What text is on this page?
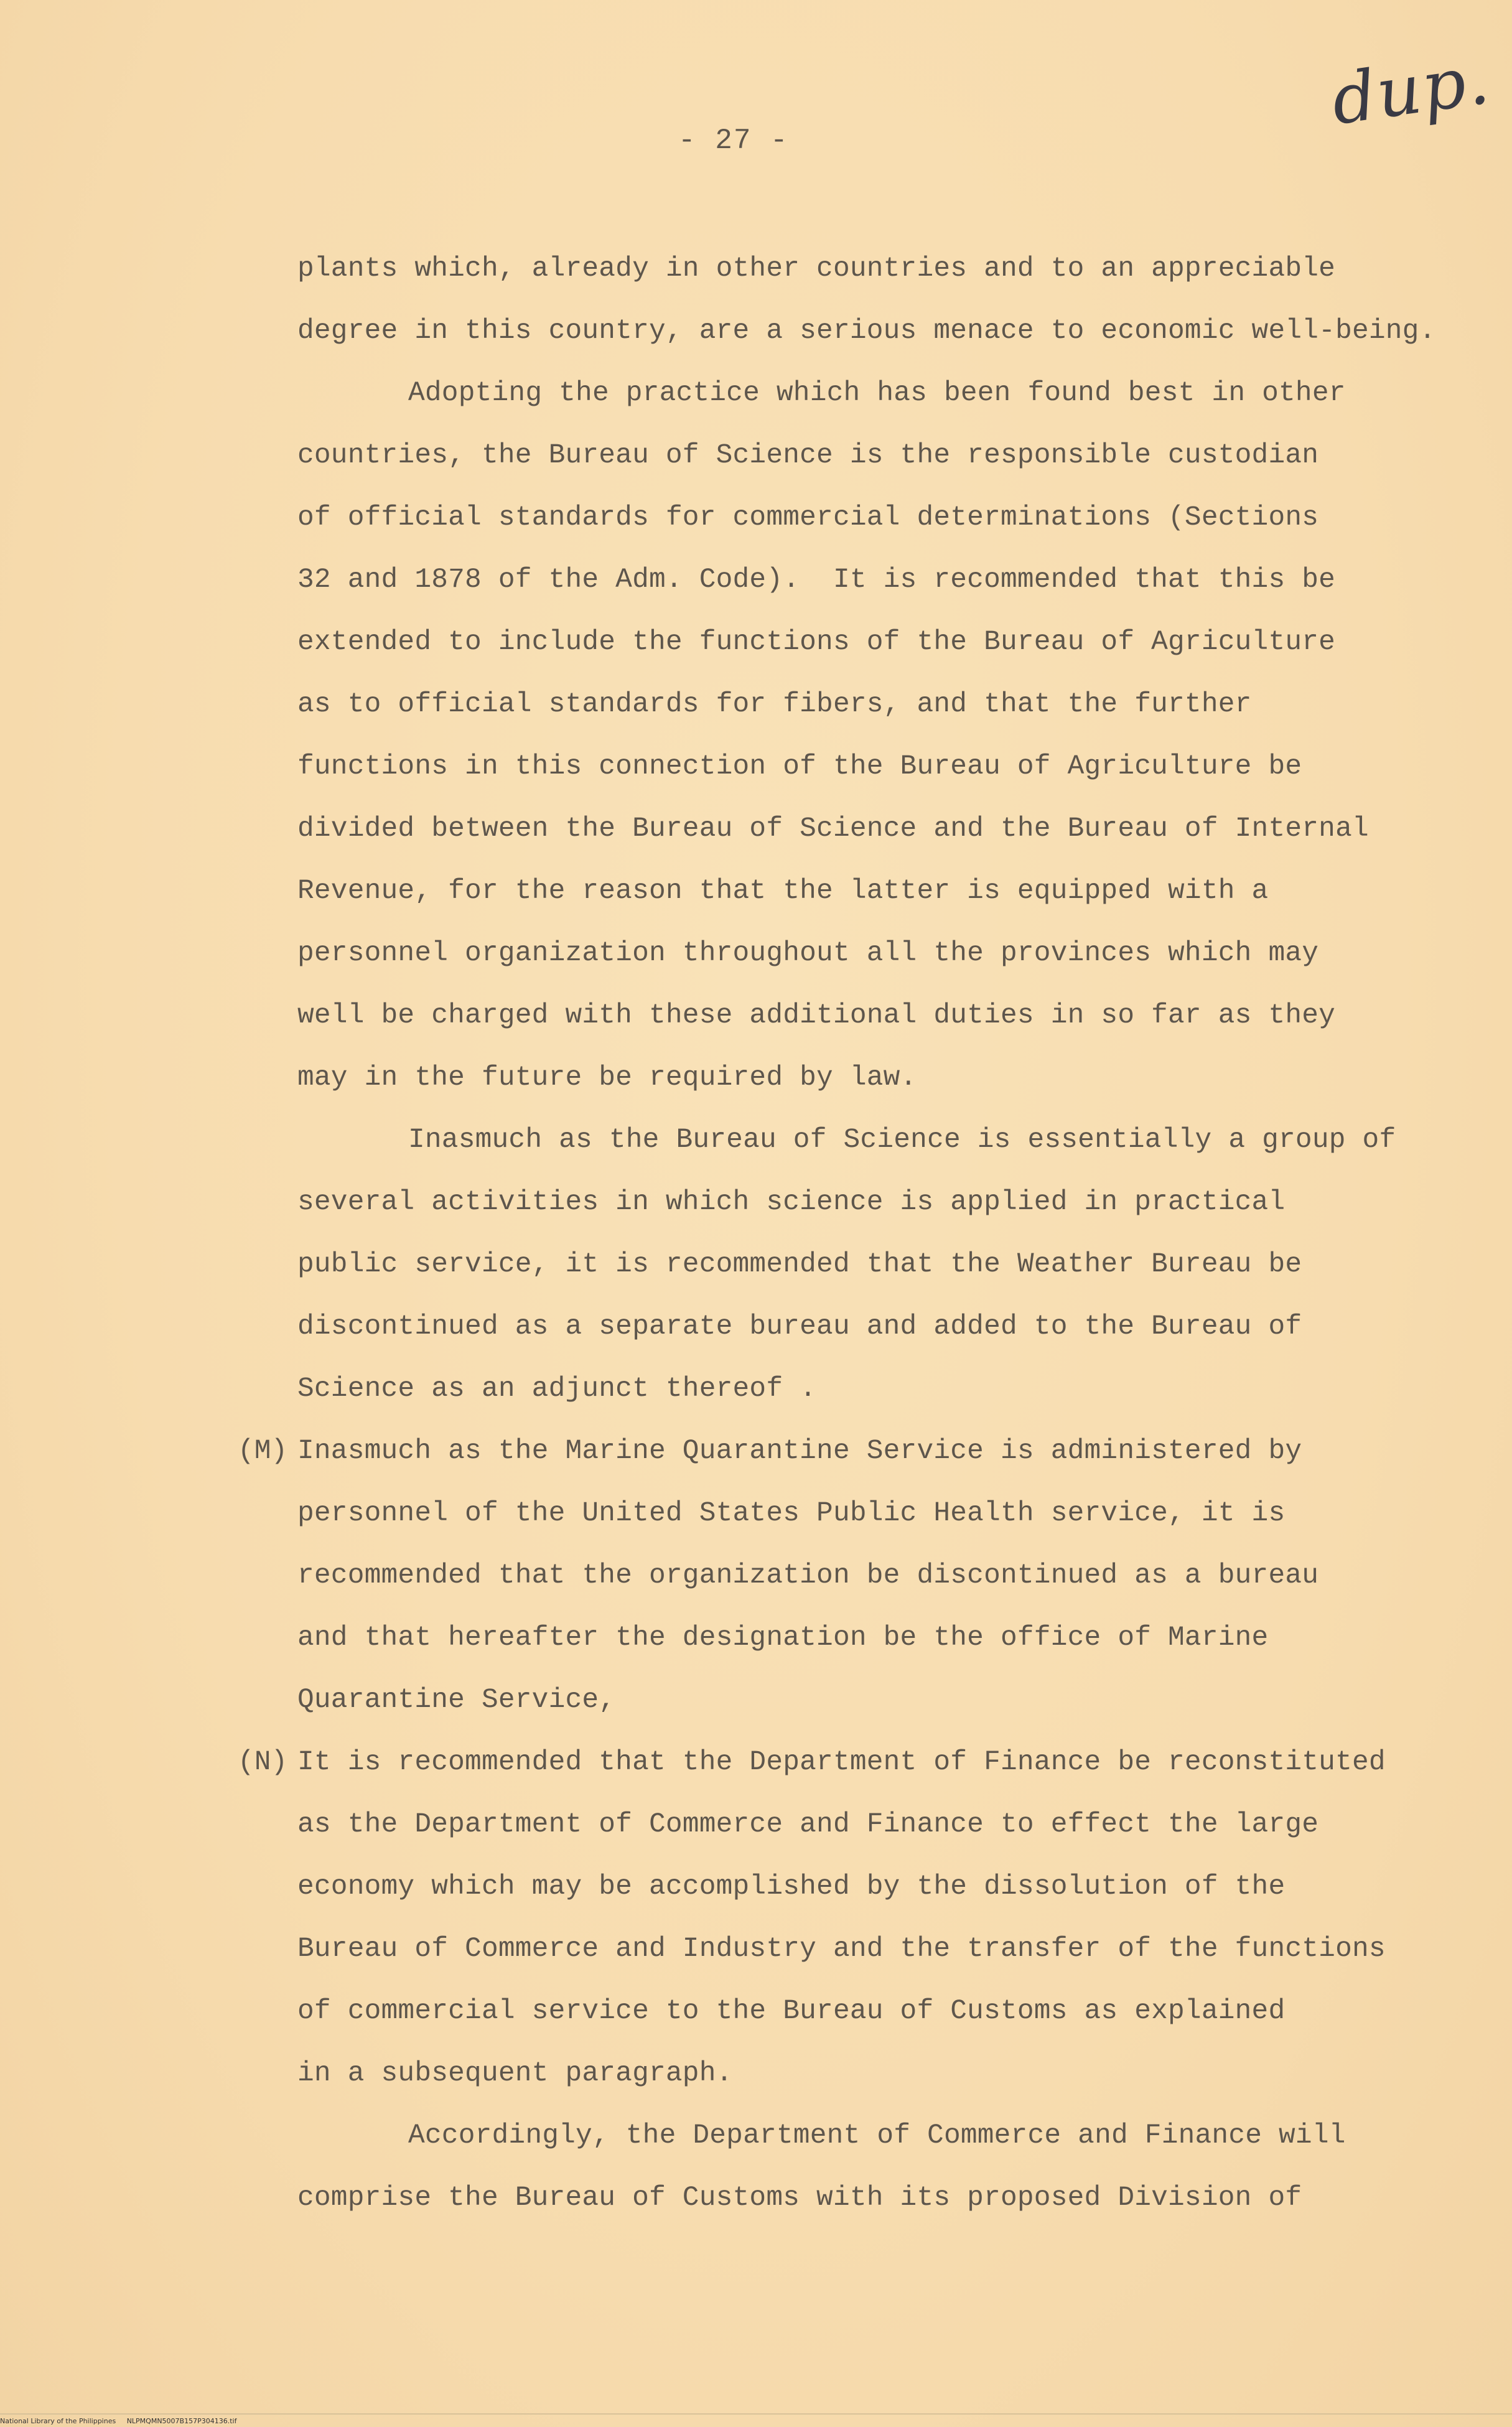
dup.
- 27 -
plants which, already in other countries and to an appreciable
degree in this country, are a serious menace to economic well-being.
Adopting the practice which has been found best in other
countries, the Bureau of Science is the responsible custodian
of official standards for commercial determinations (Sections
32 and 1878 of the Adm. Code).  It is recommended that this be
extended to include the functions of the Bureau of Agriculture
as to official standards for fibers, and that the further
functions in this connection of the Bureau of Agriculture be
divided between the Bureau of Science and the Bureau of Internal
Revenue, for the reason that the latter is equipped with a
personnel organization throughout all the provinces which may
well be charged with these additional duties in so far as they
may in the future be required by law.
Inasmuch as the Bureau of Science is essentially a group of
several activities in which science is applied in practical
public service, it is recommended that the Weather Bureau be
discontinued as a separate bureau and added to the Bureau of
Science as an adjunct thereof .
(M) Inasmuch as the Marine Quarantine Service is administered by
personnel of the United States Public Health service, it is
recommended that the organization be discontinued as a bureau
and that hereafter the designation be the office of Marine
Quarantine Service,
(N) It is recommended that the Department of Finance be reconstituted
as the Department of Commerce and Finance to effect the large
economy which may be accomplished by the dissolution of the
Bureau of Commerce and Industry and the transfer of the functions
of commercial service to the Bureau of Customs as explained
in a subsequent paragraph.
Accordingly, the Department of Commerce and Finance will
comprise the Bureau of Customs with its proposed Division of
National Library of the Philippines     NLPMQMN5007B157P304136.tif
